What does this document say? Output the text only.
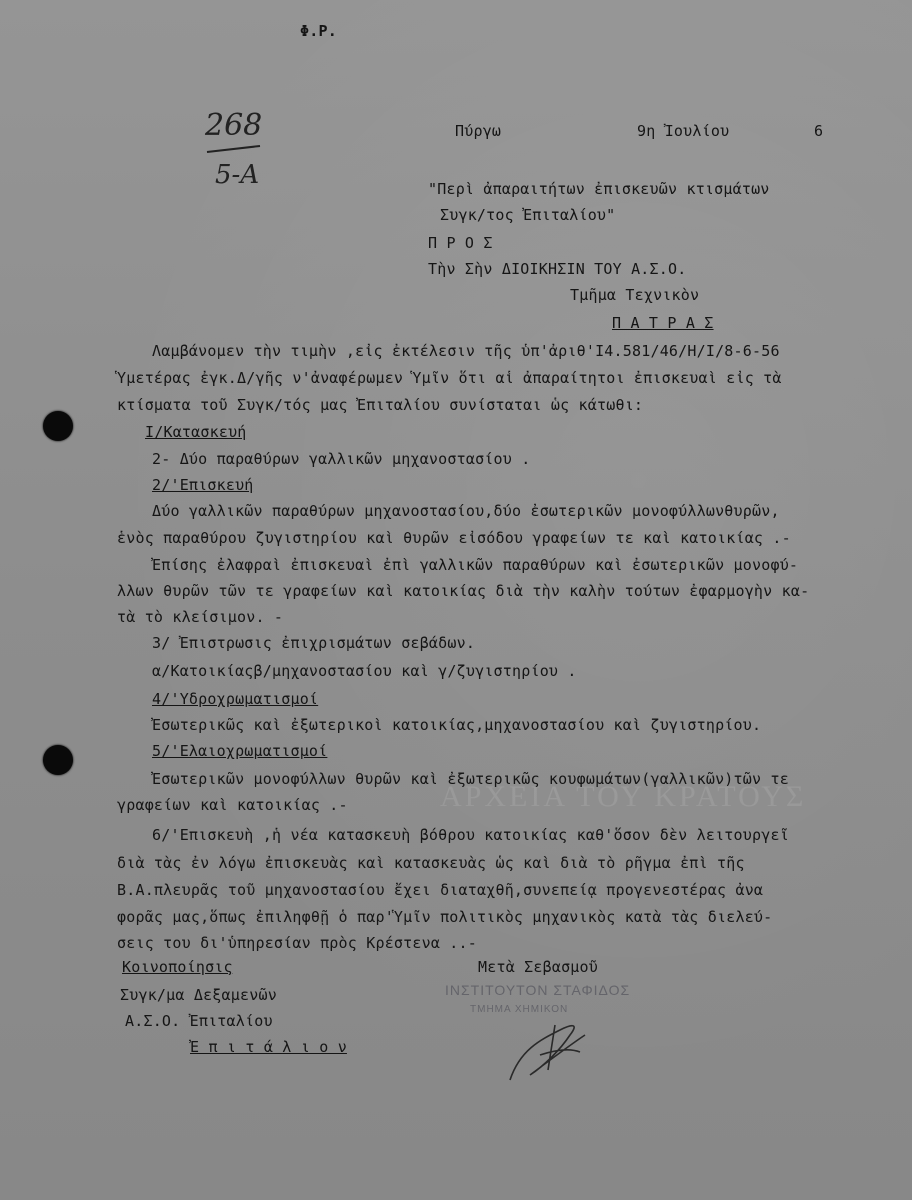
ΑΡΧΕΙΑ ΤΟΥ ΚΡΑΤΟΥΣ
Φ.Ρ.
268
5-Α
Πύργω	9η Ἰουλίου	6
"Περὶ ἀπαραιτήτων ἐπισκευῶν κτισμάτων
Συγκ/τος Ἐπιταλίου"
Π Ρ Ο Σ
Τὴν Σὴν ΔΙΟΙΚΗΣΙΝ ΤΟΥ Α.Σ.Ο.
Τμῆμα Τεχνικὸν
Π Α Τ Ρ Α Σ
Λαμβάνομεν τὴν τιμὴν ,εἰς ἐκτέλεσιν τῆς ὑπ'ἀριθ'Ι4.581/46/Η/Ι/8-6-56
Ὑμετέρας ἐγκ.Δ/γῆς ν'ἀναφέρωμεν Ὑμῖν ὅτι αἱ ἀπαραίτητοι ἐπισκευαὶ εἰς τὰ
κτίσματα τοῦ Συγκ/τός μας Ἐπιταλίου συνίσταται ὡς κάτωθι:
Ι/Κατασκευή
2- Δύο παραθύρων γαλλικῶν μηχανοστασίου .
2/'Επισκευή
Δύο γαλλικῶν παραθύρων μηχανοστασίου,δύο ἐσωτερικῶν μονοφύλλωνθυρῶν,
ἑνὸς παραθύρου ζυγιστηρίου καὶ θυρῶν εἰσόδου γραφείων τε καὶ κατοικίας .-
Ἐπίσης ἐλαφραὶ ἐπισκευαὶ ἐπὶ γαλλικῶν παραθύρων καὶ ἐσωτερικῶν μονοφύ-
λλων θυρῶν τῶν τε γραφείων καὶ κατοικίας διὰ τὴν καλὴν τούτων ἐφαρμογὴν κα-
τὰ τὸ κλείσιμον. -
3/ Ἐπιστρωσις ἐπιχρισμάτων σεβάδων.
α/Κατοικίαςβ/μηχανοστασίου καὶ γ/ζυγιστηρίου .
4/'Υδροχρωματισμοί
Ἐσωτερικῶς καὶ ἐξωτερικοὶ κατοικίας,μηχανοστασίου καὶ ζυγιστηρίου.
5/'Ελαιοχρωματισμοί
Ἐσωτερικῶν μονοφύλλων θυρῶν καὶ ἐξωτερικῶς κουφωμάτων(γαλλικῶν)τῶν τε
γραφείων καὶ κατοικίας .-
6/'Επισκευὴ ,ἡ νέα κατασκευὴ βόθρου κατοικίας καθ'ὅσον δὲν λειτουργεῖ
διὰ τὰς ἐν λόγω ἐπισκευὰς καὶ κατασκευὰς ὡς καὶ διὰ τὸ ρῆγμα ἐπὶ τῆς
Β.Α.πλευρᾶς τοῦ μηχανοστασίου ἔχει διαταχθῆ,συνεπείᾳ προγενεστέρας ἀνα
φορᾶς μας,ὅπως ἐπιληφθῇ ὁ παρ'Ὑμῖν πολιτικὸς μηχανικὸς κατὰ τὰς διελεύ-
σεις του δι'ὑπηρεσίαν πρὸς Κρέστενα ..-
Κοινοποίησις
Συγκ/μα Δεξαμενῶν
Α.Σ.Ο. Ἐπιταλίου
Ἐ π ι τ ά λ ι ο ν
Μετὰ Σεβασμοῦ
ΙΝΣΤΙΤΟΥΤΟΝ ΣΤΑΦΙΔΟΣ
ΤΜΗΜΑ ΧΗΜΙΚΟΝ
